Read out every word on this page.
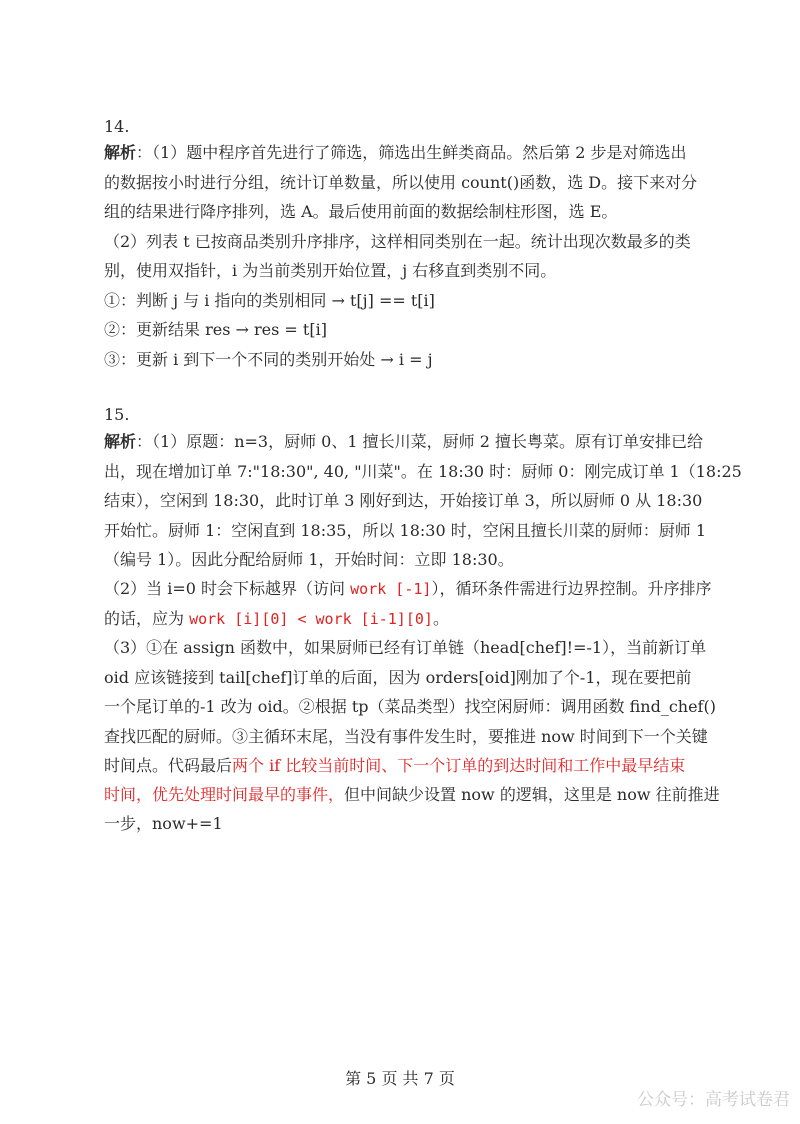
14.
解析：（1）题中程序首先进行了筛选，筛选出生鲜类商品。然后第 2 步是对筛选出
的数据按小时进行分组，统计订单数量，所以使用 count()函数，选 D。接下来对分
组的结果进行降序排列，选 A。最后使用前面的数据绘制柱形图，选 E。
（2）列表 t 已按商品类别升序排序，这样相同类别在一起。统计出现次数最多的类
别，使用双指针，i 为当前类别开始位置，j 右移直到类别不同。
①：判断 j 与 i 指向的类别相同 → t[j] == t[i]
②：更新结果 res → res = t[i]
③：更新 i 到下一个不同的类别开始处 → i = j
15.
解析：（1）原题：n=3，厨师 0、1 擅长川菜，厨师 2 擅长粤菜。原有订单安排已给
出，现在增加订单 7:"18:30", 40, "川菜"。在 18:30 时：厨师 0：刚完成订单 1（18:25
结束），空闲到 18:30，此时订单 3 刚好到达，开始接订单 3，所以厨师 0 从 18:30
开始忙。厨师 1：空闲直到 18:35，所以 18:30 时，空闲且擅长川菜的厨师：厨师 1
（编号 1）。因此分配给厨师 1，开始时间：立即 18:30。
（2）当 i=0 时会下标越界（访问 work [-1]），循环条件需进行边界控制。升序排序
的话，应为 work [i][0] < work [i-1][0]。
（3）①在 assign 函数中，如果厨师已经有订单链（head[chef]!=-1），当前新订单
oid 应该链接到 tail[chef]订单的后面，因为 orders[oid]刚加了个-1，现在要把前
一个尾订单的-1 改为 oid。②根据 tp（菜品类型）找空闲厨师：调用函数 find_chef()
查找匹配的厨师。③主循环末尾，当没有事件发生时，要推进 now 时间到下一个关键
时间点。代码最后两个 if 比较当前时间、下一个订单的到达时间和工作中最早结束
时间，优先处理时间最早的事件，但中间缺少设置 now 的逻辑，这里是 now 往前推进
一步，now+=1
第 5 页 共 7 页
公众号：高考试卷君
